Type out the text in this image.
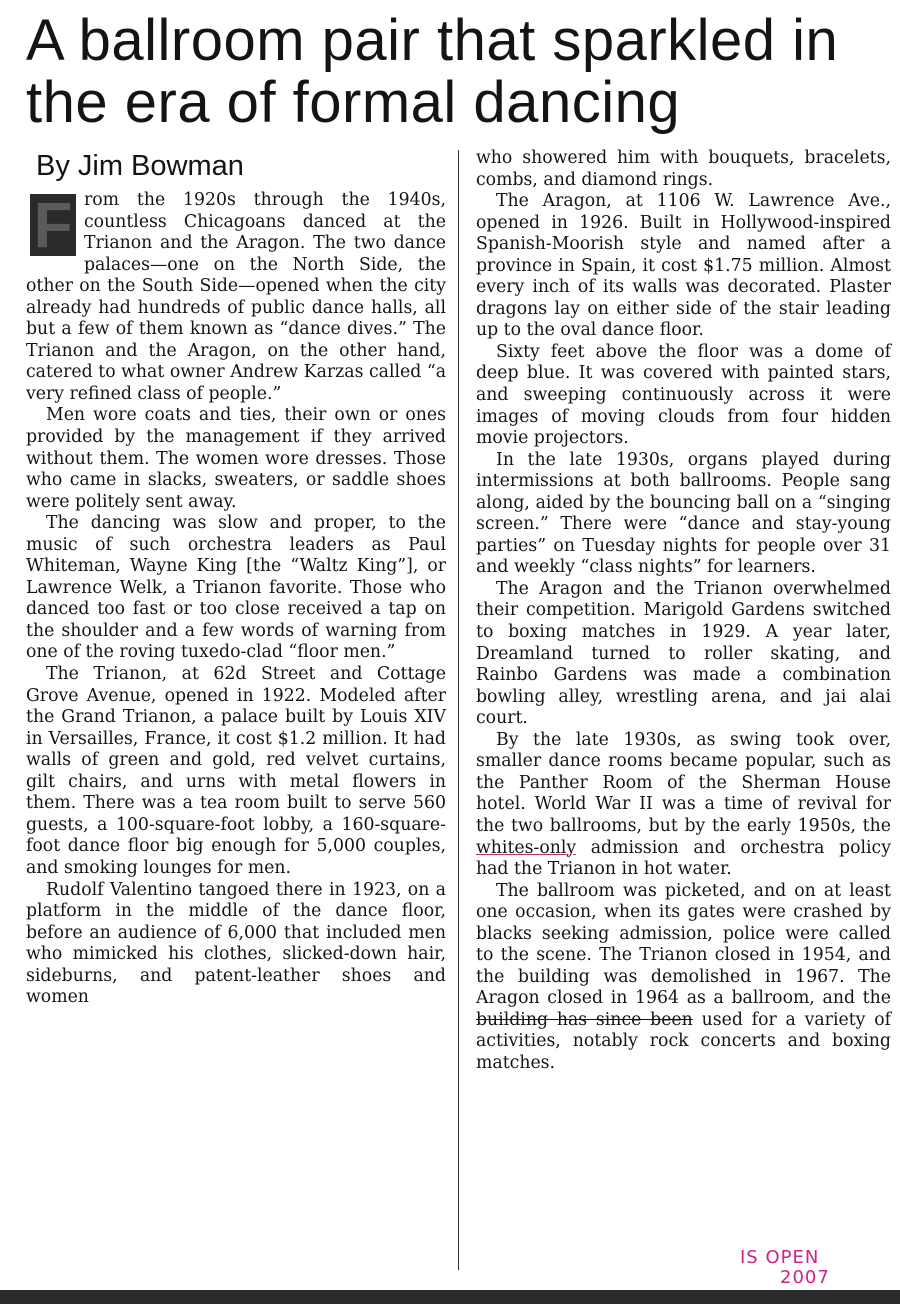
A ballroom pair that sparkled in the era of formal dancing
By Jim Bowman
F rom the 1920s through the 1940s, countless Chicagoans danced at the Trianon and the Aragon. The two dance palaces—one on the North Side, the other on the South Side—opened when the city already had hundreds of public dance halls, all but a few of them known as “dance dives.” The Trianon and the Aragon, on the other hand, catered to what owner Andrew Karzas called “a very refined class of people.”

Men wore coats and ties, their own or ones provided by the management if they arrived without them. The women wore dresses. Those who came in slacks, sweaters, or saddle shoes were politely sent away.

The dancing was slow and proper, to the music of such orchestra leaders as Paul Whiteman, Wayne King [the “Waltz King”], or Lawrence Welk, a Trianon favorite. Those who danced too fast or too close received a tap on the shoulder and a few words of warning from one of the roving tuxedo-clad “floor men.”

The Trianon, at 62d Street and Cottage Grove Avenue, opened in 1922. Modeled after the Grand Trianon, a palace built by Louis XIV in Versailles, France, it cost $1.2 million. It had walls of green and gold, red velvet curtains, gilt chairs, and urns with metal flowers in them. There was a tea room built to serve 560 guests, a 100-square-foot lobby, a 160-square-foot dance floor big enough for 5,000 couples, and smoking lounges for men.

Rudolf Valentino tangoed there in 1923, on a platform in the middle of the dance floor, before an audience of 6,000 that included men who mimicked his clothes, slicked-down hair, sideburns, and patent-leather shoes and women

who showered him with bouquets, bracelets, combs, and diamond rings.

The Aragon, at 1106 W. Lawrence Ave., opened in 1926. Built in Hollywood-inspired Spanish-Moorish style and named after a province in Spain, it cost $1.75 million. Almost every inch of its walls was decorated. Plaster dragons lay on either side of the stair leading up to the oval dance floor.

Sixty feet above the floor was a dome of deep blue. It was covered with painted stars, and sweeping continuously across it were images of moving clouds from four hidden movie projectors.

In the late 1930s, organs played during intermissions at both ballrooms. People sang along, aided by the bouncing ball on a “singing screen.” There were “dance and stay-young parties” on Tuesday nights for people over 31 and weekly “class nights” for learners.

The Aragon and the Trianon overwhelmed their competition. Marigold Gardens switched to boxing matches in 1929. A year later, Dreamland turned to roller skating, and Rainbo Gardens was made a combination bowling alley, wrestling arena, and jai alai court.

By the late 1930s, as swing took over, smaller dance rooms became popular, such as the Panther Room of the Sherman House hotel. World War II was a time of revival for the two ballrooms, but by the early 1950s, the whites-only admission and orchestra policy had the Trianon in hot water.

The ballroom was picketed, and on at least one occasion, when its gates were crashed by blacks seeking admission, police were called to the scene. The Trianon closed in 1954, and the building was demolished in 1967. The Aragon closed in 1964 as a ballroom, and the building has since been used for a variety of activities, notably rock concerts and boxing matches.

IS OPEN
2007
